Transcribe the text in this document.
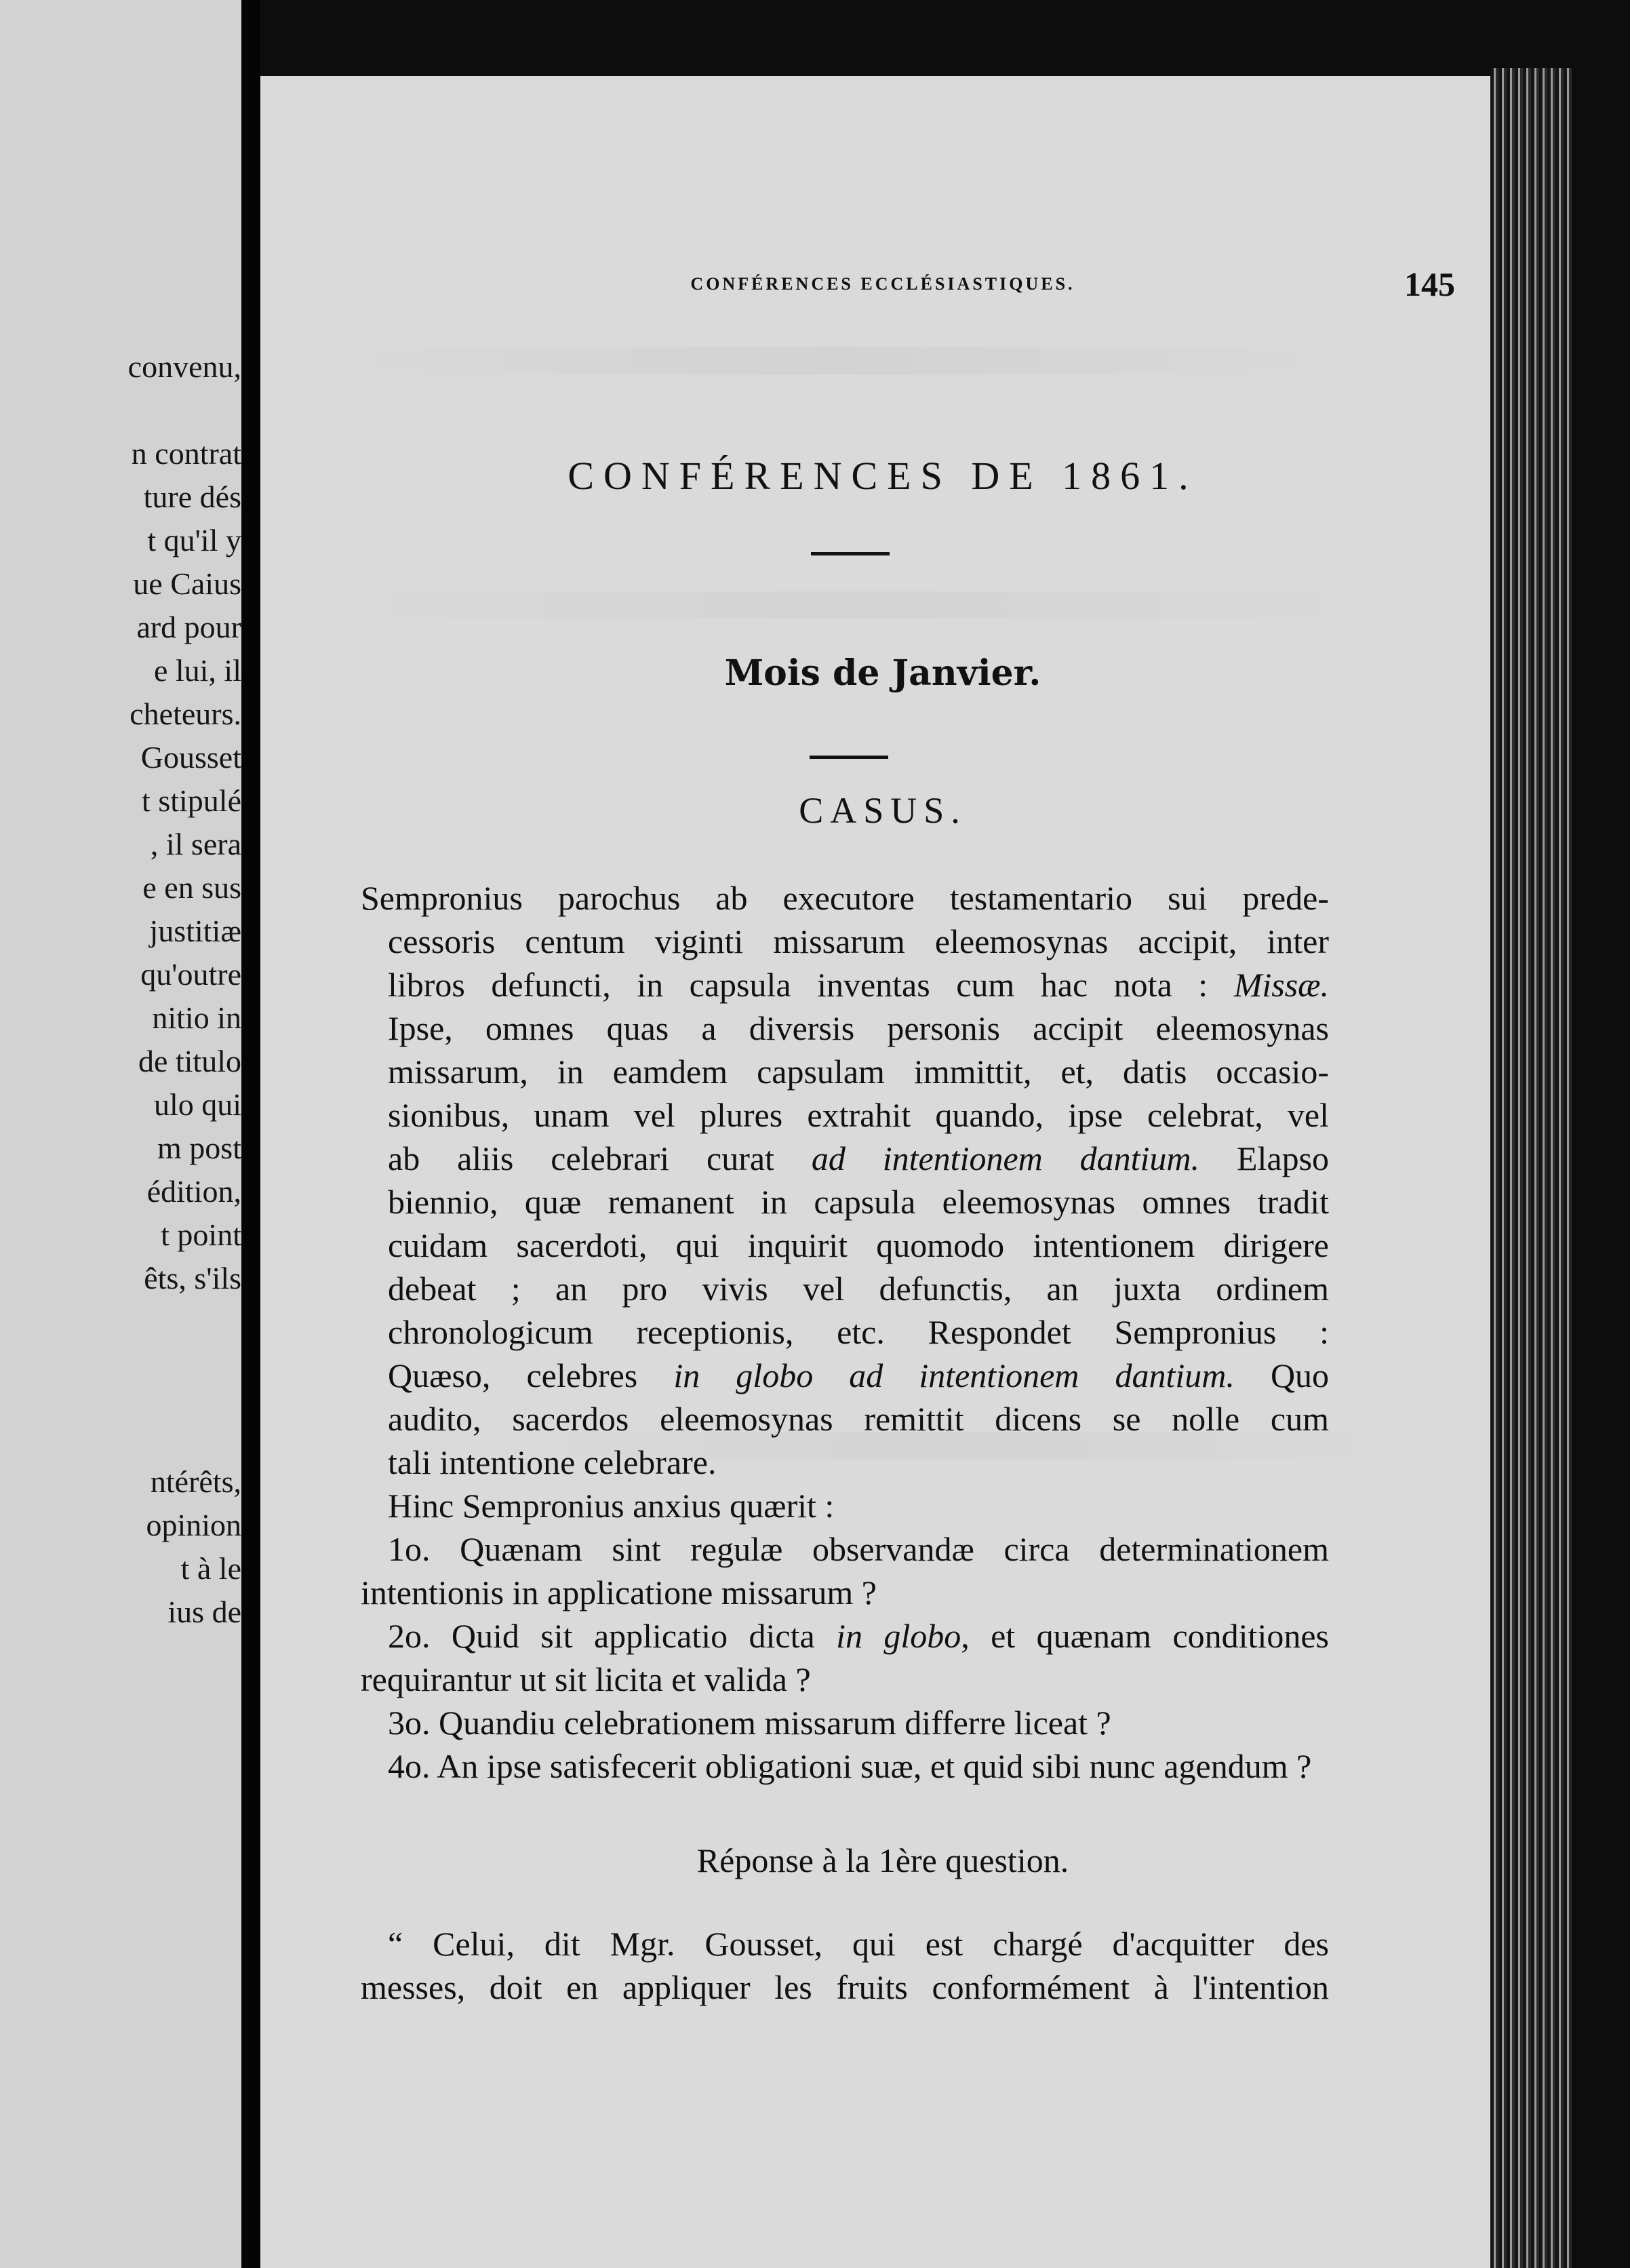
convenu,
n contrat
ture dés
t qu'il y
ue Caius
ard pour
e lui, il
cheteurs.
Gousset
t stipulé
, il sera
e en sus
justitiæ
qu'outre
nitio in
de titulo
ulo qui
m post
édition,
t point
êts, s'ils
ntérêts,
opinion
t à le
ius de
CONFÉRENCES ECCLÉSIASTIQUES.	145
CONFÉRENCES DE 1861.
Mois de Janvier.
CASUS.
Sempronius parochus ab executore testamentario sui prede-
cessoris centum viginti missarum eleemosynas accipit, inter
libros defuncti, in capsula inventas cum hac nota : Missæ.
Ipse, omnes quas a diversis personis accipit eleemosynas
missarum, in eamdem capsulam immittit, et, datis occasio-
sionibus, unam vel plures extrahit quando, ipse celebrat, vel
ab aliis celebrari curat ad intentionem dantium. Elapso
biennio, quæ remanent in capsula eleemosynas omnes tradit
cuidam sacerdoti, qui inquirit quomodo intentionem dirigere
debeat ; an pro vivis vel defunctis, an juxta ordinem
chronologicum receptionis, etc. Respondet Sempronius :
Quæso, celebres in globo ad intentionem dantium. Quo
audito, sacerdos eleemosynas remittit dicens se nolle cum
tali intentione celebrare.
Hinc Sempronius anxius quærit :
1o. Quænam sint regulæ observandæ circa determinationem intentionis in applicatione missarum ?
2o. Quid sit applicatio dicta in globo, et quænam conditiones requirantur ut sit licita et valida ?
3o. Quandiu celebrationem missarum differre liceat ?
4o. An ipse satisfecerit obligationi suæ, et quid sibi nunc agendum ?
Réponse à la 1ère question.
“ Celui, dit Mgr. Gousset, qui est chargé d'acquitter des
messes, doit en appliquer les fruits conformément à l'intention
